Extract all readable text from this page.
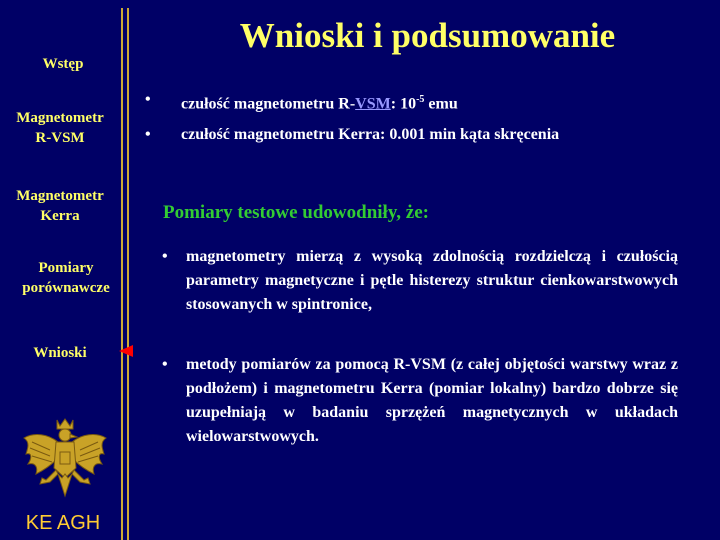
Wstęp
Magnetometr
R-VSM
Magnetometr
Kerra
Pomiary
porównawcze
Wnioski
KE AGH
Wnioski i podsumowanie
• czułość magnetometru R-VSM: $10^{-5}$ emu
• czułość magnetometru Kerra: 0.001 min kąta skręcenia
Pomiary testowe udowodniły, że:
• magnetometry mierzą z wysoką zdolnością rozdzielczą i czułością parametry magnetyczne i pętle histerezy struktur cienkowarstwowych stosowanych w spintronice,
• metody pomiarów za pomocą R-VSM (z całej objętości warstwy wraz z podłożem) i magnetometru Kerra (pomiar lokalny) bardzo dobrze się uzupełniają w badaniu sprzężeń magnetycznych w układach wielowarstwowych.
